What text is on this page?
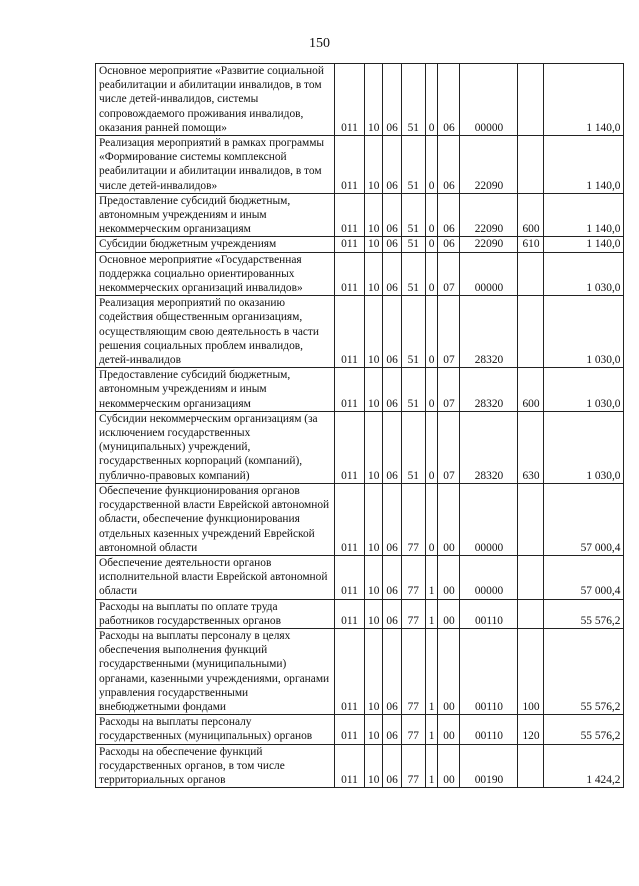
150
Основное мероприятие «Развитие социальной реабилитации и абилитации инвалидов, в том числе детей-инвалидов, системы сопровождаемого проживания инвалидов, оказания ранней помощи»	011	10	06	51	0	06	00000		1 140,0
Реализация мероприятий в рамках программы «Формирование системы комплексной реабилитации и абилитации инвалидов, в том числе детей-инвалидов»	011	10	06	51	0	06	22090		1 140,0
Предоставление субсидий бюджетным, автономным учреждениям и иным некоммерческим организациям	011	10	06	51	0	06	22090	600	1 140,0
Субсидии бюджетным учреждениям	011	10	06	51	0	06	22090	610	1 140,0
Основное мероприятие «Государственная поддержка социально ориентированных некоммерческих организаций инвалидов»	011	10	06	51	0	07	00000		1 030,0
Реализация мероприятий по оказанию содействия общественным организациям, осуществляющим свою деятельность в части решения социальных проблем инвалидов, детей-инвалидов	011	10	06	51	0	07	28320		1 030,0
Предоставление субсидий бюджетным, автономным учреждениям и иным некоммерческим организациям	011	10	06	51	0	07	28320	600	1 030,0
Субсидии некоммерческим организациям (за исключением государственных (муниципальных) учреждений, государственных корпораций (компаний), публично-правовых компаний)	011	10	06	51	0	07	28320	630	1 030,0
Обеспечение функционирования органов государственной власти Еврейской автономной области, обеспечение функционирования отдельных казенных учреждений Еврейской автономной области	011	10	06	77	0	00	00000		57 000,4
Обеспечение деятельности органов исполнительной власти Еврейской автономной области	011	10	06	77	1	00	00000		57 000,4
Расходы на выплаты по оплате труда работников государственных органов	011	10	06	77	1	00	00110		55 576,2
Расходы на выплаты персоналу в целях обеспечения выполнения функций государственными (муниципальными) органами, казенными учреждениями, органами управления государственными внебюджетными фондами	011	10	06	77	1	00	00110	100	55 576,2
Расходы на выплаты персоналу государственных (муниципальных) органов	011	10	06	77	1	00	00110	120	55 576,2
Расходы на обеспечение функций государственных органов, в том числе территориальных органов	011	10	06	77	1	00	00190		1 424,2
